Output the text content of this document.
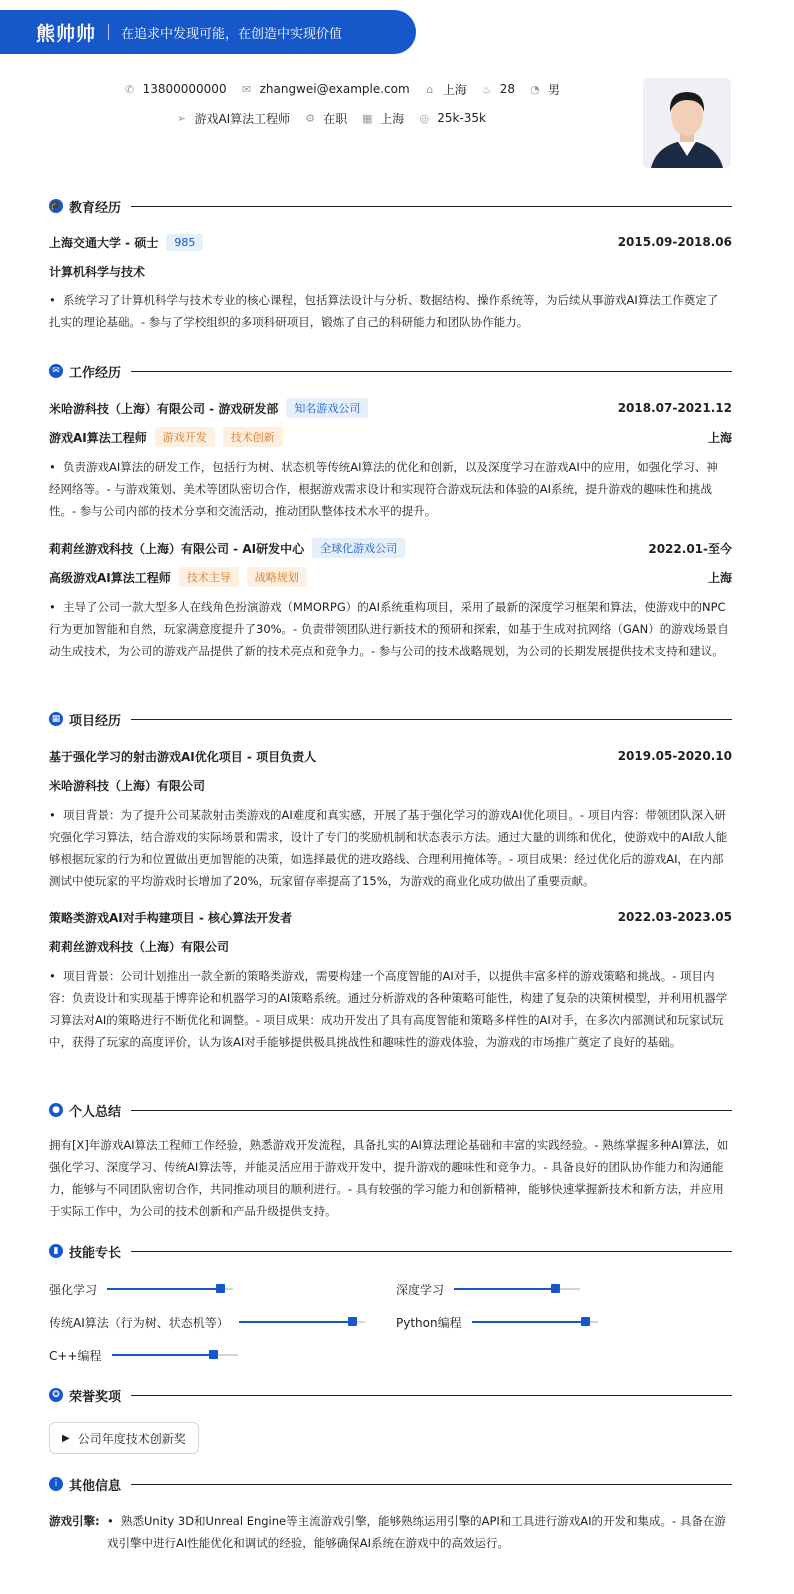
熊帅帅 在追求中发现可能，在创造中实现价值
✆ 13800000000 ✉ zhangwei@example.com ⌂ 上海 ♨ 28 ◔ 男
➢ 游戏AI算法工程师 ⚙ 在职 ▦ 上海 ◎ 25k-35k
🎓 教育经历
上海交通大学 - 硕士	985	2015.09-2018.06
计算机科学与技术
• 系统学习了计算机科学与技术专业的核心课程，包括算法设计与分析、数据结构、操作系统等，为后续从事游戏AI算法工作奠定了扎实的理论基础。- 参与了学校组织的多项科研项目，锻炼了自己的科研能力和团队协作能力。
✉ 工作经历
米哈游科技（上海）有限公司 - 游戏研发部	知名游戏公司	2018.07-2021.12
游戏AI算法工程师	游戏开发	技术创新	上海
• 负责游戏AI算法的研发工作，包括行为树、状态机等传统AI算法的优化和创新，以及深度学习在游戏AI中的应用，如强化学习、神经网络等。- 与游戏策划、美术等团队密切合作，根据游戏需求设计和实现符合游戏玩法和体验的AI系统，提升游戏的趣味性和挑战性。- 参与公司内部的技术分享和交流活动，推动团队整体技术水平的提升。
莉莉丝游戏科技（上海）有限公司 - AI研发中心	全球化游戏公司	2022.01-至今
高级游戏AI算法工程师	技术主导	战略规划	上海
• 主导了公司一款大型多人在线角色扮演游戏（MMORPG）的AI系统重构项目，采用了最新的深度学习框架和算法，使游戏中的NPC行为更加智能和自然，玩家满意度提升了30%。- 负责带领团队进行新技术的预研和探索，如基于生成对抗网络（GAN）的游戏场景自动生成技术，为公司的游戏产品提供了新的技术亮点和竞争力。- 参与公司的技术战略规划，为公司的长期发展提供技术支持和建议。
▦ 项目经历
基于强化学习的射击游戏AI优化项目 - 项目负责人	2019.05-2020.10
米哈游科技（上海）有限公司
• 项目背景：为了提升公司某款射击类游戏的AI难度和真实感，开展了基于强化学习的游戏AI优化项目。- 项目内容：带领团队深入研究强化学习算法，结合游戏的实际场景和需求，设计了专门的奖励机制和状态表示方法。通过大量的训练和优化，使游戏中的AI敌人能够根据玩家的行为和位置做出更加智能的决策，如选择最优的进攻路线、合理利用掩体等。- 项目成果：经过优化后的游戏AI，在内部测试中使玩家的平均游戏时长增加了20%，玩家留存率提高了15%，为游戏的商业化成功做出了重要贡献。
策略类游戏AI对手构建项目 - 核心算法开发者	2022.03-2023.05
莉莉丝游戏科技（上海）有限公司
• 项目背景：公司计划推出一款全新的策略类游戏，需要构建一个高度智能的AI对手，以提供丰富多样的游戏策略和挑战。- 项目内容：负责设计和实现基于博弈论和机器学习的AI策略系统。通过分析游戏的各种策略可能性，构建了复杂的决策树模型，并利用机器学习算法对AI的策略进行不断优化和调整。- 项目成果：成功开发出了具有高度智能和策略多样性的AI对手，在多次内部测试和玩家试玩中，获得了玩家的高度评价，认为该AI对手能够提供极具挑战性和趣味性的游戏体验，为游戏的市场推广奠定了良好的基础。
● 个人总结
拥有[X]年游戏AI算法工程师工作经验，熟悉游戏开发流程，具备扎实的AI算法理论基础和丰富的实践经验。- 熟练掌握多种AI算法，如强化学习、深度学习、传统AI算法等，并能灵活应用于游戏开发中，提升游戏的趣味性和竞争力。- 具备良好的团队协作能力和沟通能力，能够与不同团队密切合作，共同推动项目的顺利进行。- 具有较强的学习能力和创新精神，能够快速掌握新技术和新方法，并应用于实际工作中，为公司的技术创新和产品升级提供支持。
▮ 技能专长
强化学习	深度学习
传统AI算法（行为树、状态机等）	Python编程
C++编程
✪ 荣誉奖项
▶ 公司年度技术创新奖
i 其他信息
游戏引擎: • 熟悉Unity 3D和Unreal Engine等主流游戏引擎，能够熟练运用引擎的API和工具进行游戏AI的开发和集成。- 具备在游戏引擎中进行AI性能优化和调试的经验，能够确保AI系统在游戏中的高效运行。
